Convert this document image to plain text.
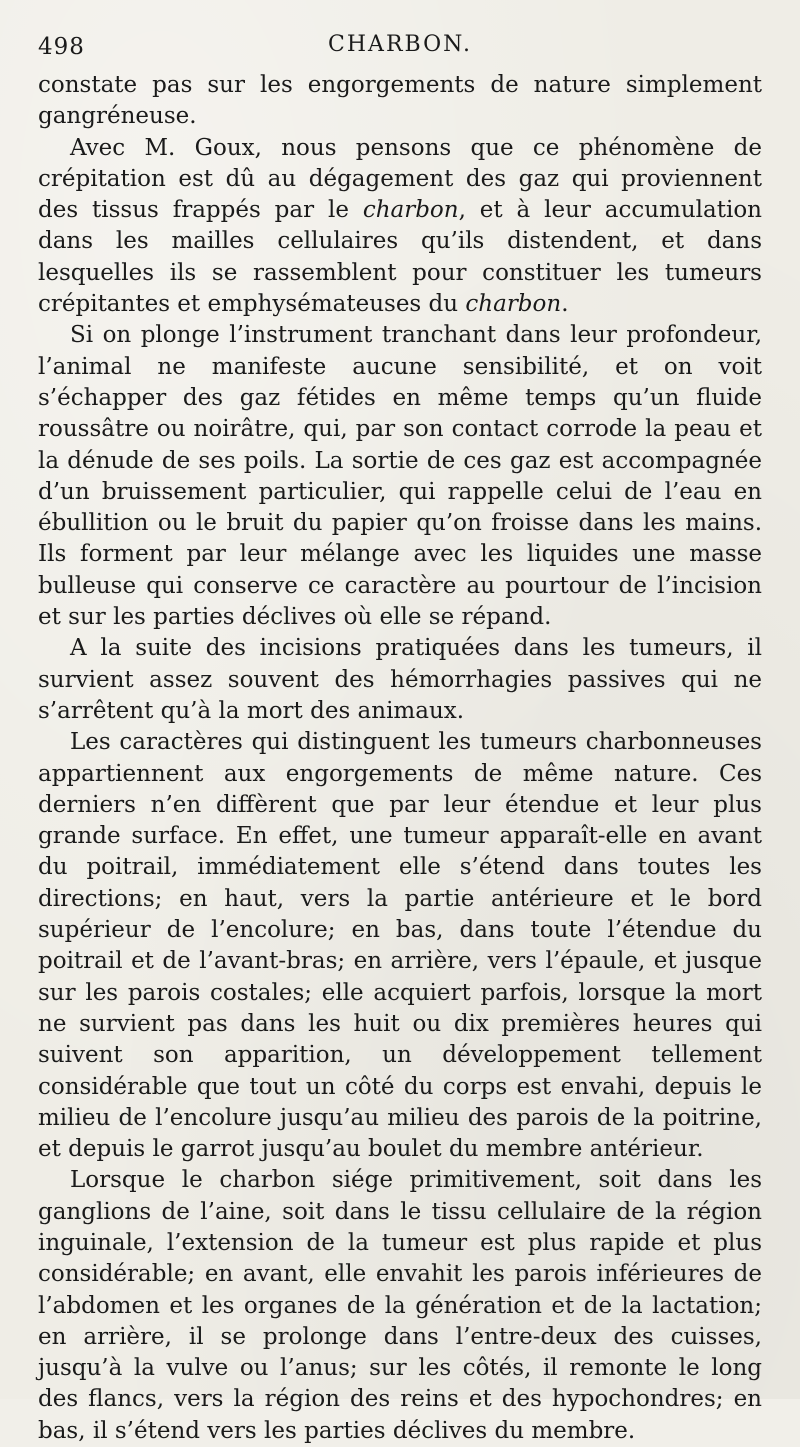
498	CHARBON.

constate pas sur les engorgements de nature simplement gangréneuse.

Avec M. Goux, nous pensons que ce phénomène de crépitation est dû au dégagement des gaz qui proviennent des tissus frappés par le charbon, et à leur accumulation dans les mailles cellulaires qu’ils distendent, et dans lesquelles ils se rassemblent pour constituer les tumeurs crépitantes et emphysémateuses du charbon.

Si on plonge l’instrument tranchant dans leur profondeur, l’animal ne manifeste aucune sensibilité, et on voit s’échapper des gaz fétides en même temps qu’un fluide roussâtre ou noirâtre, qui, par son contact corrode la peau et la dénude de ses poils. La sortie de ces gaz est accompagnée d’un bruissement particulier, qui rappelle celui de l’eau en ébullition ou le bruit du papier qu’on froisse dans les mains. Ils forment par leur mélange avec les liquides une masse bulleuse qui conserve ce caractère au pourtour de l’incision et sur les parties déclives où elle se répand.

A la suite des incisions pratiquées dans les tumeurs, il survient assez souvent des hémorrhagies passives qui ne s’arrêtent qu’à la mort des animaux.

Les caractères qui distinguent les tumeurs charbonneuses appartiennent aux engorgements de même nature. Ces derniers n’en diffèrent que par leur étendue et leur plus grande surface. En effet, une tumeur apparaît-elle en avant du poitrail, immédiatement elle s’étend dans toutes les directions; en haut, vers la partie antérieure et le bord supérieur de l’encolure; en bas, dans toute l’étendue du poitrail et de l’avant-bras; en arrière, vers l’épaule, et jusque sur les parois costales; elle acquiert parfois, lorsque la mort ne survient pas dans les huit ou dix premières heures qui suivent son apparition, un développement tellement considérable que tout un côté du corps est envahi, depuis le milieu de l’encolure jusqu’au milieu des parois de la poitrine, et depuis le garrot jusqu’au boulet du membre antérieur.

Lorsque le charbon siége primitivement, soit dans les ganglions de l’aine, soit dans le tissu cellulaire de la région inguinale, l’extension de la tumeur est plus rapide et plus considérable; en avant, elle envahit les parois inférieures de l’abdomen et les organes de la génération et de la lactation; en arrière, il se prolonge dans l’entre-deux des cuisses, jusqu’à la vulve ou l’anus; sur les côtés, il remonte le long des flancs, vers la région des reins et des hypochondres; en bas, il s’étend vers les parties déclives du membre.
